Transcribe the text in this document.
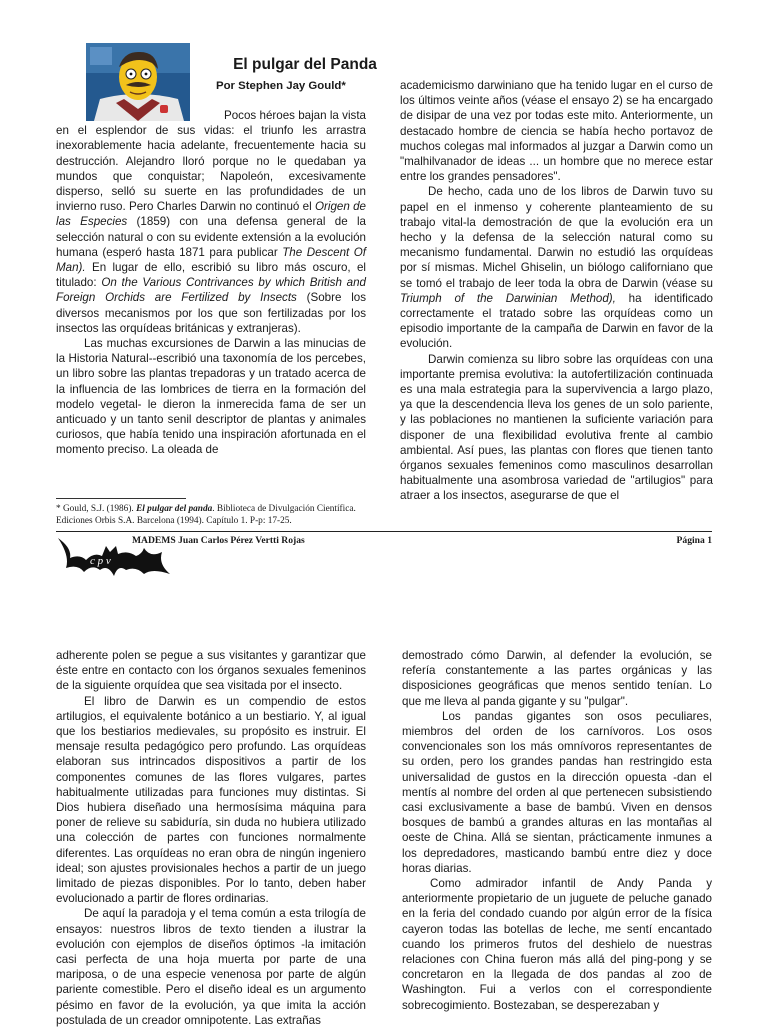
El pulgar del Panda
Por Stephen Jay Gould*

Pocos héroes bajan la vista en el esplendor de sus vidas: el triunfo les arrastra inexorablemente hacia adelante, frecuentemente hacia su destrucción. Alejandro lloró porque no le quedaban ya mundos que conquistar; Napoleón, excesivamente disperso, selló su suerte en las profundidades de un invierno ruso. Pero Charles Darwin no continuó el Origen de las Especies (1859) con una defensa general de la selección natural o con su evidente extensión a la evolución humana (esperó hasta 1871 para publicar The Descent Of Man). En lugar de ello, escribió su libro más oscuro, el titulado: On the Various Contrivances by which British and Foreign Orchids are Fertilized by Insects (Sobre los diversos mecanismos por los que son fertilizadas por los insectos las orquídeas británicas y extranjeras).

Las muchas excursiones de Darwin a las minucias de la Historia Natural--escribió una taxonomía de los percebes, un libro sobre las plantas trepadoras y un tratado acerca de la influencia de las lombrices de tierra en la formación del modelo vegetal- le dieron la inmerecida fama de ser un anticuado y un tanto senil descriptor de plantas y animales curiosos, que había tenido una inspiración afortunada en el momento preciso. La oleada de

academicismo darwiniano que ha tenido lugar en el curso de los últimos veinte años (véase el ensayo 2) se ha encargado de disipar de una vez por todas este mito. Anteriormente, un destacado hombre de ciencia se había hecho portavoz de muchos colegas mal informados al juzgar a Darwin como un "malhilvanador de ideas ... un hombre que no merece estar entre los grandes pensadores".

De hecho, cada uno de los libros de Darwin tuvo su papel en el inmenso y coherente planteamiento de su trabajo vital-la demostración de que la evolución era un hecho y la defensa de la selección natural como su mecanismo fundamental. Darwin no estudió las orquídeas por sí mismas. Michel Ghiselin, un biólogo californiano que se tomó el trabajo de leer toda la obra de Darwin (véase su Triumph of the Darwinian Method), ha identificado correctamente el tratado sobre las orquídeas como un episodio importante de la campaña de Darwin en favor de la evolución.

Darwin comienza su libro sobre las orquídeas con una importante premisa evolutiva: la autofertilización continuada es una mala estrategia para la supervivencia a largo plazo, ya que la descendencia lleva los genes de un solo pariente, y las poblaciones no mantienen la suficiente variación para disponer de una flexibilidad evolutiva frente al cambio ambiental. Así pues, las plantas con flores que tienen tanto órganos sexuales femeninos como masculinos desarrollan habitualmente una asombrosa variedad de "artilugios" para atraer a los insectos, asegurarse de que el

* Gould, S.J. (1986). El pulgar del panda. Biblioteca de Divulgación Científica. Ediciones Orbis S.A. Barcelona (1994). Capítulo 1. P-p: 17-25.
c p v
MADEMS Juan Carlos Pérez Vertti Rojas	Página 1

adherente polen se pegue a sus visitantes y garantizar que éste entre en contacto con los órganos sexuales femeninos de la siguiente orquídea que sea visitada por el insecto.

El libro de Darwin es un compendio de estos artilugios, el equivalente botánico a un bestiario. Y, al igual que los bestiarios medievales, su propósito es instruir. El mensaje resulta pedagógico pero profundo. Las orquídeas elaboran sus intrincados dispositivos a partir de los componentes comunes de las flores vulgares, partes habitualmente utilizadas para funciones muy distintas. Si Dios hubiera diseñado una hermosísima máquina para poner de relieve su sabiduría, sin duda no hubiera utilizado una colección de partes con funciones normalmente diferentes. Las orquídeas no eran obra de ningún ingeniero ideal; son ajustes provisionales hechos a partir de un juego limitado de piezas disponibles. Por lo tanto, deben haber evolucionado a partir de flores ordinarias.

De aquí la paradoja y el tema común a esta trilogía de ensayos: nuestros libros de texto tienden a ilustrar la evolución con ejemplos de diseños óptimos -la imitación casi perfecta de una hoja muerta por parte de una mariposa, o de una especie venenosa por parte de algún pariente comestible. Pero el diseño ideal es un argumento pésimo en favor de la evolución, ya que imita la acción postulada de un creador omnipotente. Las extrañas

demostrado cómo Darwin, al defender la evolución, se refería constantemente a las partes orgánicas y las disposiciones geográficas que menos sentido tenían. Lo que me lleva al panda gigante y su "pulgar".

Los pandas gigantes son osos peculiares, miembros del orden de los carnívoros. Los osos convencionales son los más omnívoros representantes de su orden, pero los grandes pandas han restringido esta universalidad de gustos en la dirección opuesta -dan el mentís al nombre del orden al que pertenecen subsistiendo casi exclusivamente a base de bambú. Viven en densos bosques de bambú a grandes alturas en las montañas al oeste de China. Allá se sientan, prácticamente inmunes a los depredadores, masticando bambú entre diez y doce horas diarias.

Como admirador infantil de Andy Panda y anteriormente propietario de un juguete de peluche ganado en la feria del condado cuando por algún error de la física cayeron todas las botellas de leche, me sentí encantado cuando los primeros frutos del deshielo de nuestras relaciones con China fueron más allá del ping-pong y se concretaron en la llegada de dos pandas al zoo de Washington. Fui a verlos con el correspondiente sobrecogimiento. Bostezaban, se desperezaban y
